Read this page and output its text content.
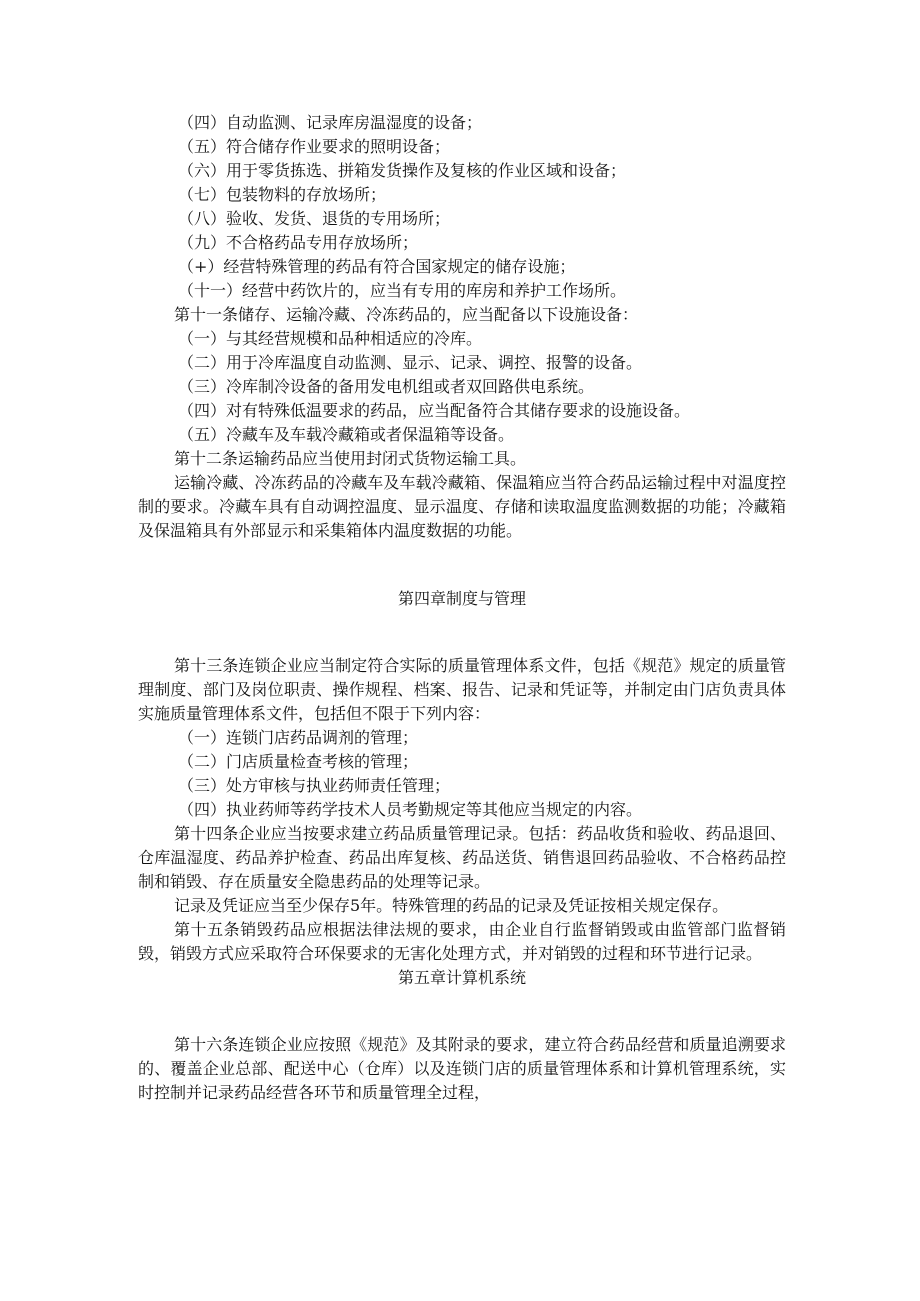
（四）自动监测、记录库房温湿度的设备；

（五）符合储存作业要求的照明设备；

（六）用于零货拣选、拼箱发货操作及复核的作业区域和设备；

（七）包装物料的存放场所；

（八）验收、发货、退货的专用场所；

（九）不合格药品专用存放场所；

（+）经营特殊管理的药品有符合国家规定的储存设施；

（十一）经营中药饮片的，应当有专用的库房和养护工作场所。

第十一条储存、运输冷藏、冷冻药品的，应当配备以下设施设备：

（一）与其经营规模和品种相适应的冷库。

（二）用于冷库温度自动监测、显示、记录、调控、报警的设备。

（三）冷库制冷设备的备用发电机组或者双回路供电系统。

（四）对有特殊低温要求的药品，应当配备符合其储存要求的设施设备。

（五）冷藏车及车载冷藏箱或者保温箱等设备。

第十二条运输药品应当使用封闭式货物运输工具。

运输冷藏、冷冻药品的冷藏车及车载冷藏箱、保温箱应当符合药品运输过程中对温度控制的要求。冷藏车具有自动调控温度、显示温度、存储和读取温度监测数据的功能；冷藏箱及保温箱具有外部显示和采集箱体内温度数据的功能。

第四章制度与管理

第十三条连锁企业应当制定符合实际的质量管理体系文件，包括《规范》规定的质量管理制度、部门及岗位职责、操作规程、档案、报告、记录和凭证等，并制定由门店负责具体实施质量管理体系文件，包括但不限于下列内容：

（一）连锁门店药品调剂的管理；

（二）门店质量检查考核的管理；

（三）处方审核与执业药师责任管理；

（四）执业药师等药学技术人员考勤规定等其他应当规定的内容。

第十四条企业应当按要求建立药品质量管理记录。包括：药品收货和验收、药品退回、仓库温湿度、药品养护检查、药品出库复核、药品送货、销售退回药品验收、不合格药品控制和销毁、存在质量安全隐患药品的处理等记录。

记录及凭证应当至少保存5年。特殊管理的药品的记录及凭证按相关规定保存。

第十五条销毁药品应根据法律法规的要求，由企业自行监督销毁或由监管部门监督销毁，销毁方式应采取符合环保要求的无害化处理方式，并对销毁的过程和环节进行记录。

第五章计算机系统

第十六条连锁企业应按照《规范》及其附录的要求，建立符合药品经营和质量追溯要求的、覆盖企业总部、配送中心（仓库）以及连锁门店的质量管理体系和计算机管理系统，实时控制并记录药品经营各环节和质量管理全过程，
